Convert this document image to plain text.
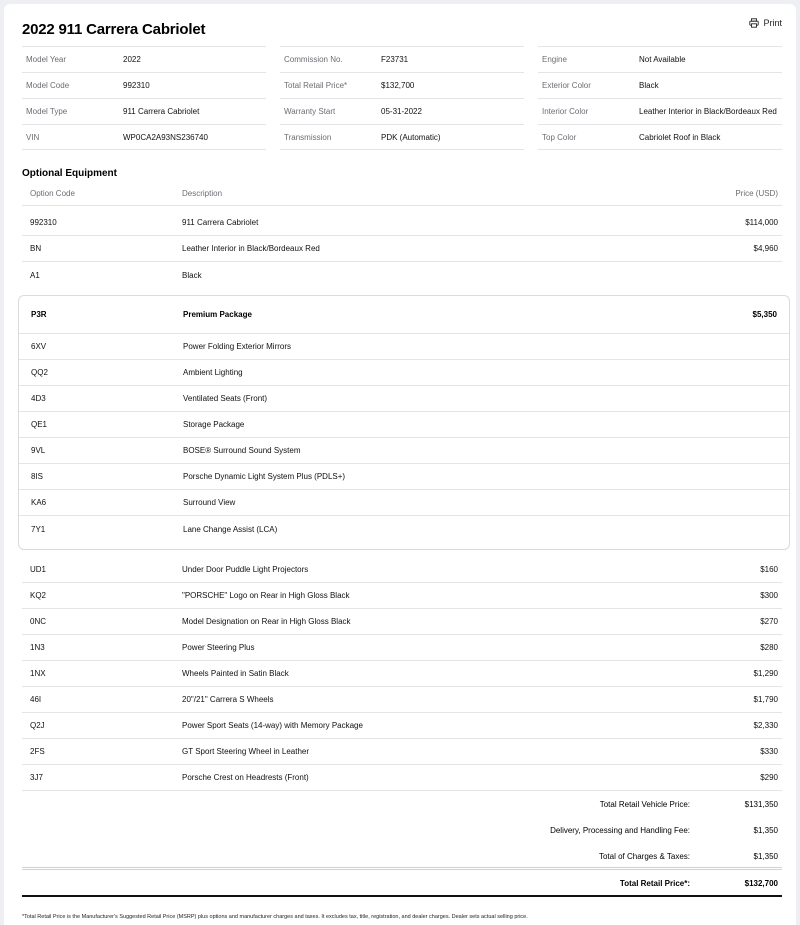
2022 911 Carrera Cabriolet	Print
Model Year	2022
Model Code	992310
Model Type	911 Carrera Cabriolet
VIN	WP0CA2A93NS236740
Commission No.	F23731
Total Retail Price*	$132,700
Warranty Start	05-31-2022
Transmission	PDK (Automatic)
Engine	Not Available
Exterior Color	Black
Interior Color	Leather Interior in Black/Bordeaux Red
Top Color	Cabriolet Roof in Black
Optional Equipment
Option Code	Description	Price (USD)
992310	911 Carrera Cabriolet	$114,000
BN	Leather Interior in Black/Bordeaux Red	$4,960
A1	Black
P3R	Premium Package	$5,350
6XV	Power Folding Exterior Mirrors
QQ2	Ambient Lighting
4D3	Ventilated Seats (Front)
QE1	Storage Package
9VL	BOSE® Surround Sound System
8IS	Porsche Dynamic Light System Plus (PDLS+)
KA6	Surround View
7Y1	Lane Change Assist (LCA)
UD1	Under Door Puddle Light Projectors	$160
KQ2	"PORSCHE" Logo on Rear in High Gloss Black	$300
0NC	Model Designation on Rear in High Gloss Black	$270
1N3	Power Steering Plus	$280
1NX	Wheels Painted in Satin Black	$1,290
46I	20"/21" Carrera S Wheels	$1,790
Q2J	Power Sport Seats (14-way) with Memory Package	$2,330
2FS	GT Sport Steering Wheel in Leather	$330
3J7	Porsche Crest on Headrests (Front)	$290
Total Retail Vehicle Price:	$131,350
Delivery, Processing and Handling Fee:	$1,350
Total of Charges & Taxes:	$1,350
Total Retail Price*:	$132,700
*Total Retail Price is the Manufacturer's Suggested Retail Price (MSRP) plus options and manufacturer charges and taxes. It excludes tax, title, registration, and dealer charges. Dealer sets actual selling price.
